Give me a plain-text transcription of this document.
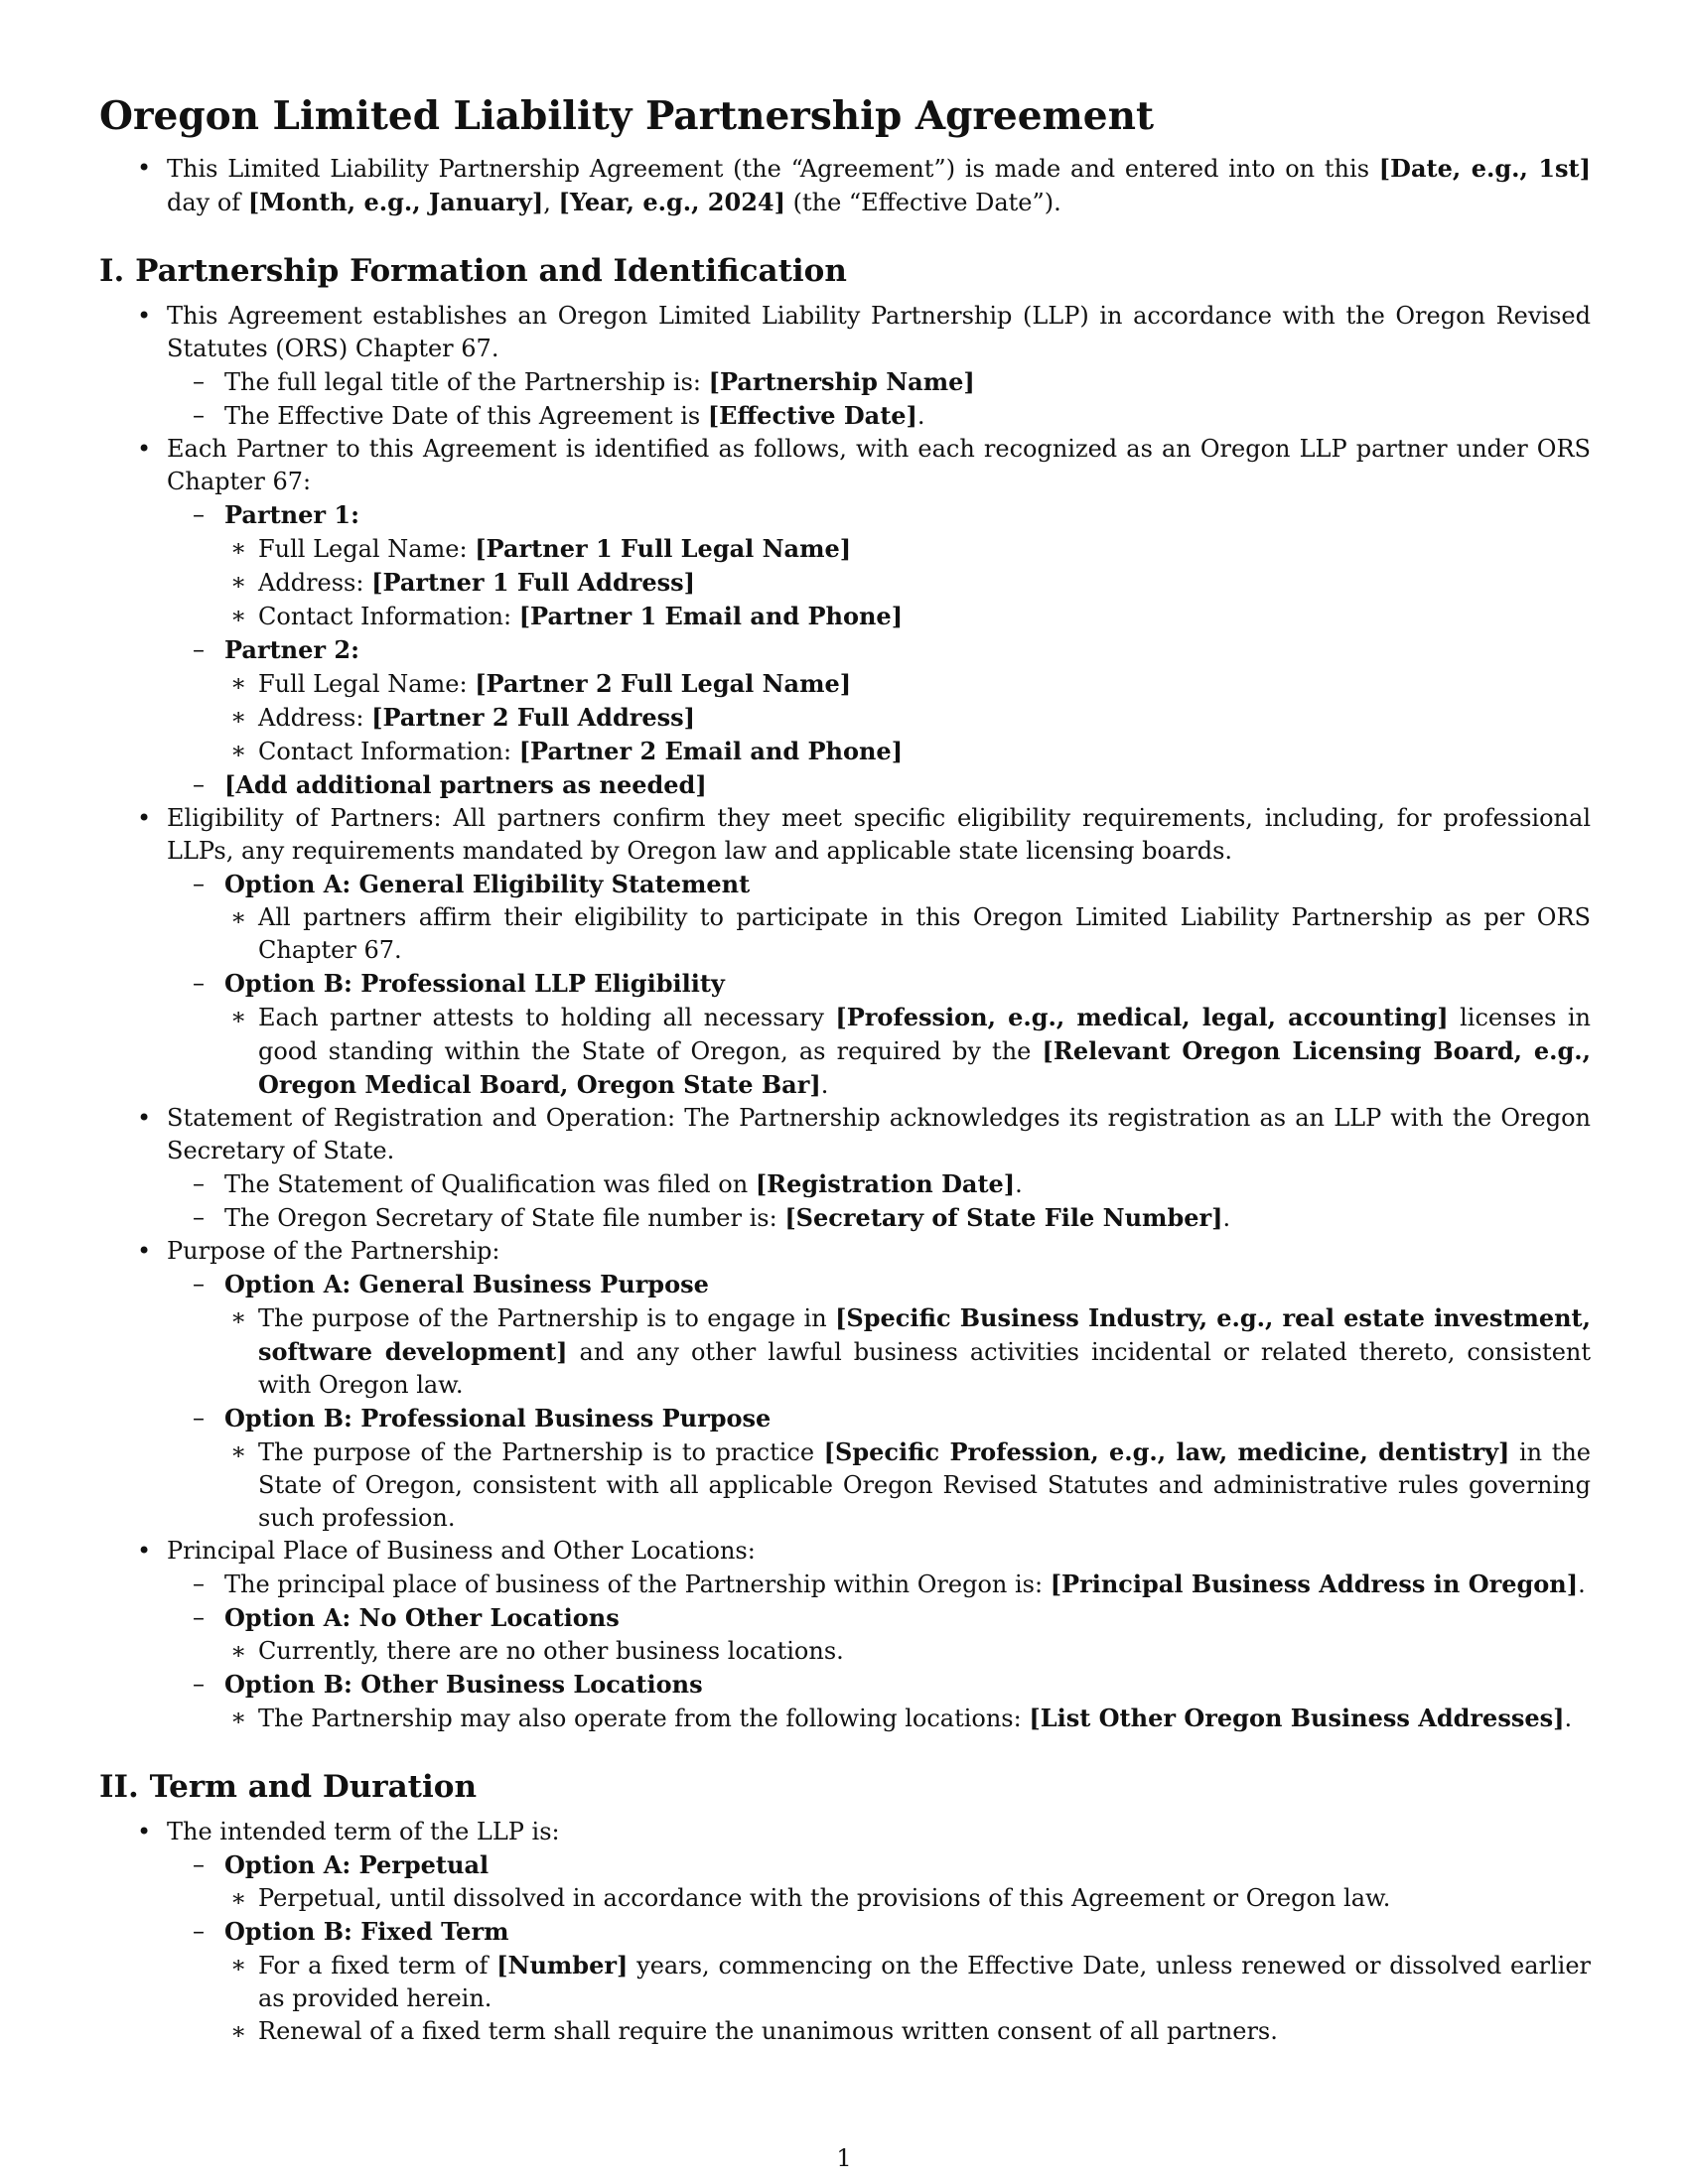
Oregon Limited Liability Partnership Agreement
• This Limited Liability Partnership Agreement (the “Agreement”) is made and entered into on this [Date, e.g., 1st] day of [Month, e.g., January], [Year, e.g., 2024] (the “Effective Date”).
I. Partnership Formation and Identification
• This Agreement establishes an Oregon Limited Liability Partnership (LLP) in accordance with the Oregon Revised Statutes (ORS) Chapter 67.
– The full legal title of the Partnership is: [Partnership Name]
– The Effective Date of this Agreement is [Effective Date].
• Each Partner to this Agreement is identified as follows, with each recognized as an Oregon LLP partner under ORS Chapter 67:
– Partner 1:
∗ Full Legal Name: [Partner 1 Full Legal Name]
∗ Address: [Partner 1 Full Address]
∗ Contact Information: [Partner 1 Email and Phone]
– Partner 2:
∗ Full Legal Name: [Partner 2 Full Legal Name]
∗ Address: [Partner 2 Full Address]
∗ Contact Information: [Partner 2 Email and Phone]
– [Add additional partners as needed]
• Eligibility of Partners: All partners confirm they meet specific eligibility requirements, including, for professional LLPs, any requirements mandated by Oregon law and applicable state licensing boards.
– Option A: General Eligibility Statement
∗ All partners affirm their eligibility to participate in this Oregon Limited Liability Partnership as per ORS Chapter 67.
– Option B: Professional LLP Eligibility
∗ Each partner attests to holding all necessary [Profession, e.g., medical, legal, accounting] licenses in good standing within the State of Oregon, as required by the [Relevant Oregon Licensing Board, e.g., Oregon Medical Board, Oregon State Bar].
• Statement of Registration and Operation: The Partnership acknowledges its registration as an LLP with the Oregon Secretary of State.
– The Statement of Qualification was filed on [Registration Date].
– The Oregon Secretary of State file number is: [Secretary of State File Number].
• Purpose of the Partnership:
– Option A: General Business Purpose
∗ The purpose of the Partnership is to engage in [Specific Business Industry, e.g., real estate investment, software development] and any other lawful business activities incidental or related thereto, consistent with Oregon law.
– Option B: Professional Business Purpose
∗ The purpose of the Partnership is to practice [Specific Profession, e.g., law, medicine, dentistry] in the State of Oregon, consistent with all applicable Oregon Revised Statutes and administrative rules governing such profession.
• Principal Place of Business and Other Locations:
– The principal place of business of the Partnership within Oregon is: [Principal Business Address in Oregon].
– Option A: No Other Locations
∗ Currently, there are no other business locations.
– Option B: Other Business Locations
∗ The Partnership may also operate from the following locations: [List Other Oregon Business Addresses].
II. Term and Duration
• The intended term of the LLP is:
– Option A: Perpetual
∗ Perpetual, until dissolved in accordance with the provisions of this Agreement or Oregon law.
– Option B: Fixed Term
∗ For a fixed term of [Number] years, commencing on the Effective Date, unless renewed or dissolved earlier as provided herein.
∗ Renewal of a fixed term shall require the unanimous written consent of all partners.
1
